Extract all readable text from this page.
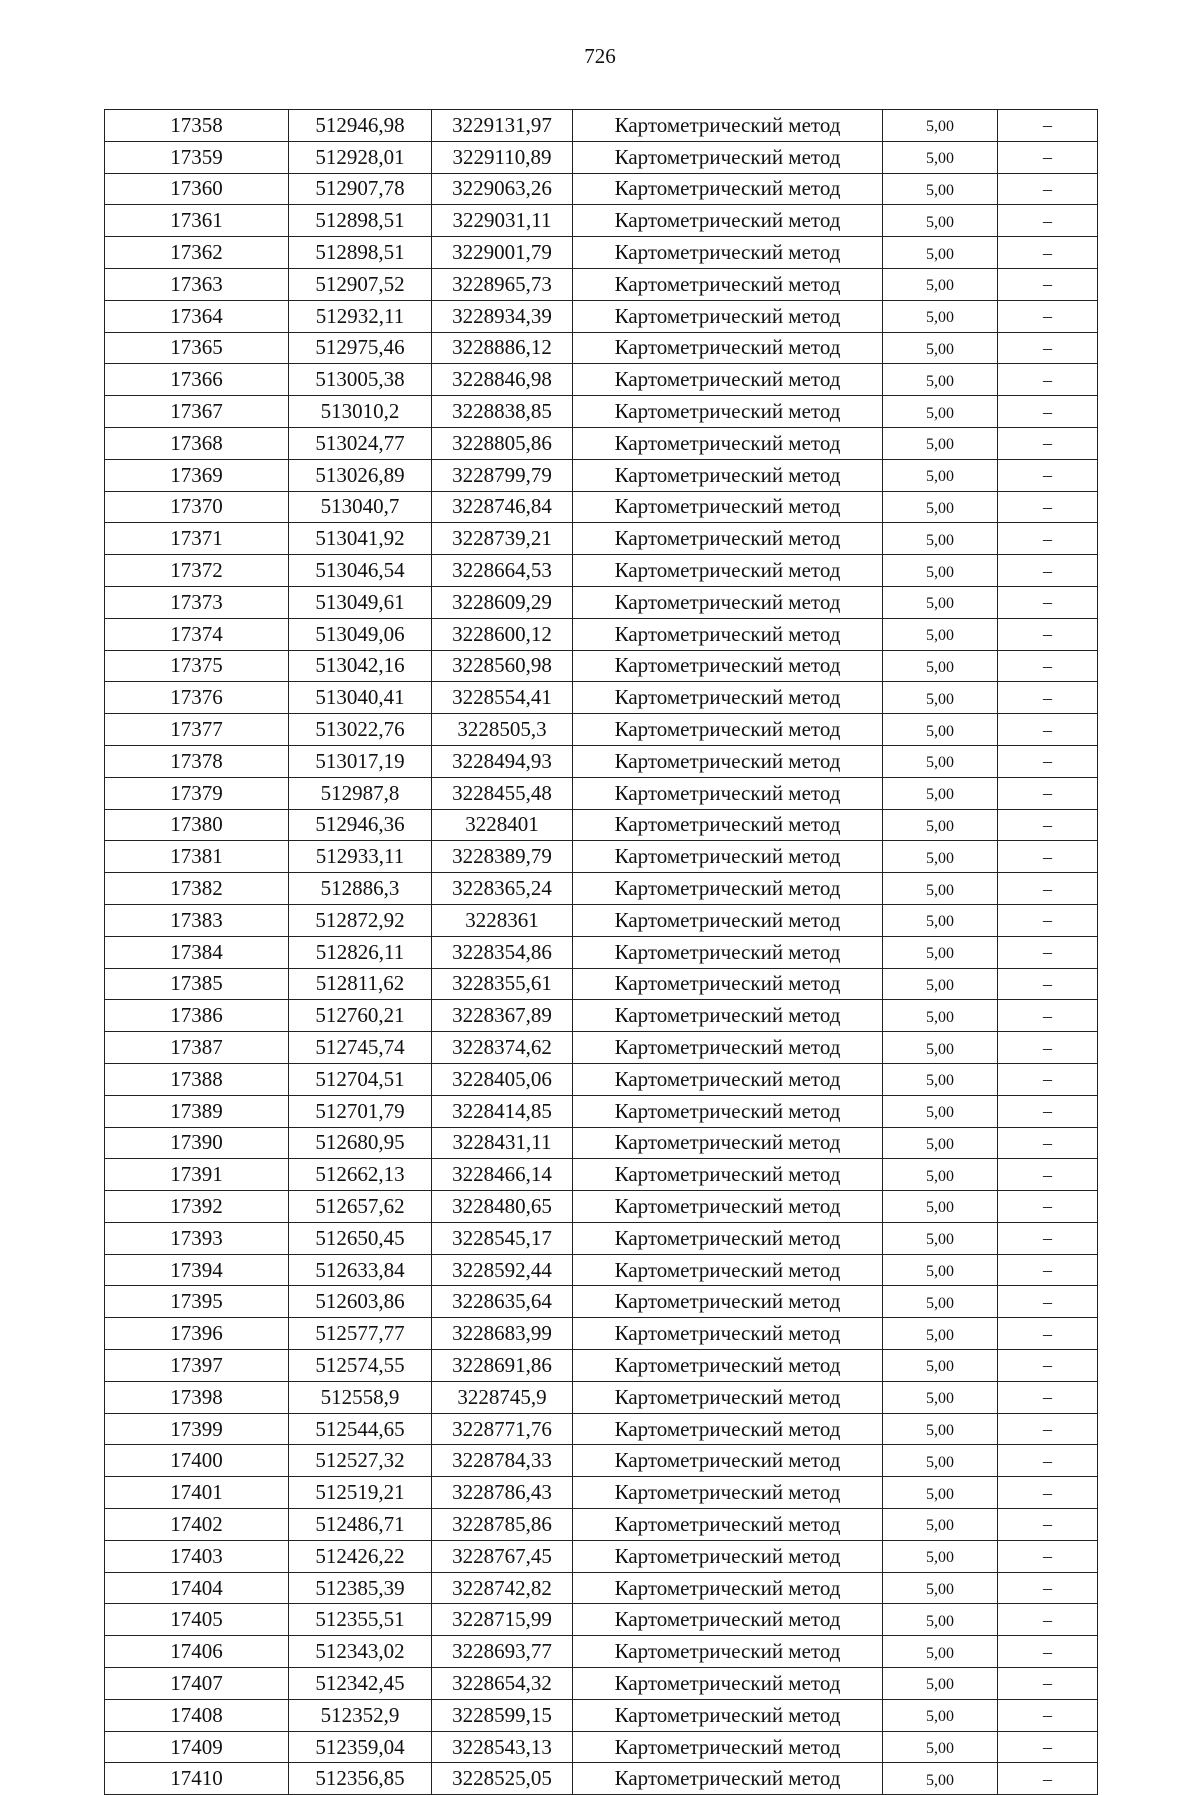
726
17358	512946,98	3229131,97	Картометрический метод	5,00	–
17359	512928,01	3229110,89	Картометрический метод	5,00	–
17360	512907,78	3229063,26	Картометрический метод	5,00	–
17361	512898,51	3229031,11	Картометрический метод	5,00	–
17362	512898,51	3229001,79	Картометрический метод	5,00	–
17363	512907,52	3228965,73	Картометрический метод	5,00	–
17364	512932,11	3228934,39	Картометрический метод	5,00	–
17365	512975,46	3228886,12	Картометрический метод	5,00	–
17366	513005,38	3228846,98	Картометрический метод	5,00	–
17367	513010,2	3228838,85	Картометрический метод	5,00	–
17368	513024,77	3228805,86	Картометрический метод	5,00	–
17369	513026,89	3228799,79	Картометрический метод	5,00	–
17370	513040,7	3228746,84	Картометрический метод	5,00	–
17371	513041,92	3228739,21	Картометрический метод	5,00	–
17372	513046,54	3228664,53	Картометрический метод	5,00	–
17373	513049,61	3228609,29	Картометрический метод	5,00	–
17374	513049,06	3228600,12	Картометрический метод	5,00	–
17375	513042,16	3228560,98	Картометрический метод	5,00	–
17376	513040,41	3228554,41	Картометрический метод	5,00	–
17377	513022,76	3228505,3	Картометрический метод	5,00	–
17378	513017,19	3228494,93	Картометрический метод	5,00	–
17379	512987,8	3228455,48	Картометрический метод	5,00	–
17380	512946,36	3228401	Картометрический метод	5,00	–
17381	512933,11	3228389,79	Картометрический метод	5,00	–
17382	512886,3	3228365,24	Картометрический метод	5,00	–
17383	512872,92	3228361	Картометрический метод	5,00	–
17384	512826,11	3228354,86	Картометрический метод	5,00	–
17385	512811,62	3228355,61	Картометрический метод	5,00	–
17386	512760,21	3228367,89	Картометрический метод	5,00	–
17387	512745,74	3228374,62	Картометрический метод	5,00	–
17388	512704,51	3228405,06	Картометрический метод	5,00	–
17389	512701,79	3228414,85	Картометрический метод	5,00	–
17390	512680,95	3228431,11	Картометрический метод	5,00	–
17391	512662,13	3228466,14	Картометрический метод	5,00	–
17392	512657,62	3228480,65	Картометрический метод	5,00	–
17393	512650,45	3228545,17	Картометрический метод	5,00	–
17394	512633,84	3228592,44	Картометрический метод	5,00	–
17395	512603,86	3228635,64	Картометрический метод	5,00	–
17396	512577,77	3228683,99	Картометрический метод	5,00	–
17397	512574,55	3228691,86	Картометрический метод	5,00	–
17398	512558,9	3228745,9	Картометрический метод	5,00	–
17399	512544,65	3228771,76	Картометрический метод	5,00	–
17400	512527,32	3228784,33	Картометрический метод	5,00	–
17401	512519,21	3228786,43	Картометрический метод	5,00	–
17402	512486,71	3228785,86	Картометрический метод	5,00	–
17403	512426,22	3228767,45	Картометрический метод	5,00	–
17404	512385,39	3228742,82	Картометрический метод	5,00	–
17405	512355,51	3228715,99	Картометрический метод	5,00	–
17406	512343,02	3228693,77	Картометрический метод	5,00	–
17407	512342,45	3228654,32	Картометрический метод	5,00	–
17408	512352,9	3228599,15	Картометрический метод	5,00	–
17409	512359,04	3228543,13	Картометрический метод	5,00	–
17410	512356,85	3228525,05	Картометрический метод	5,00	–
